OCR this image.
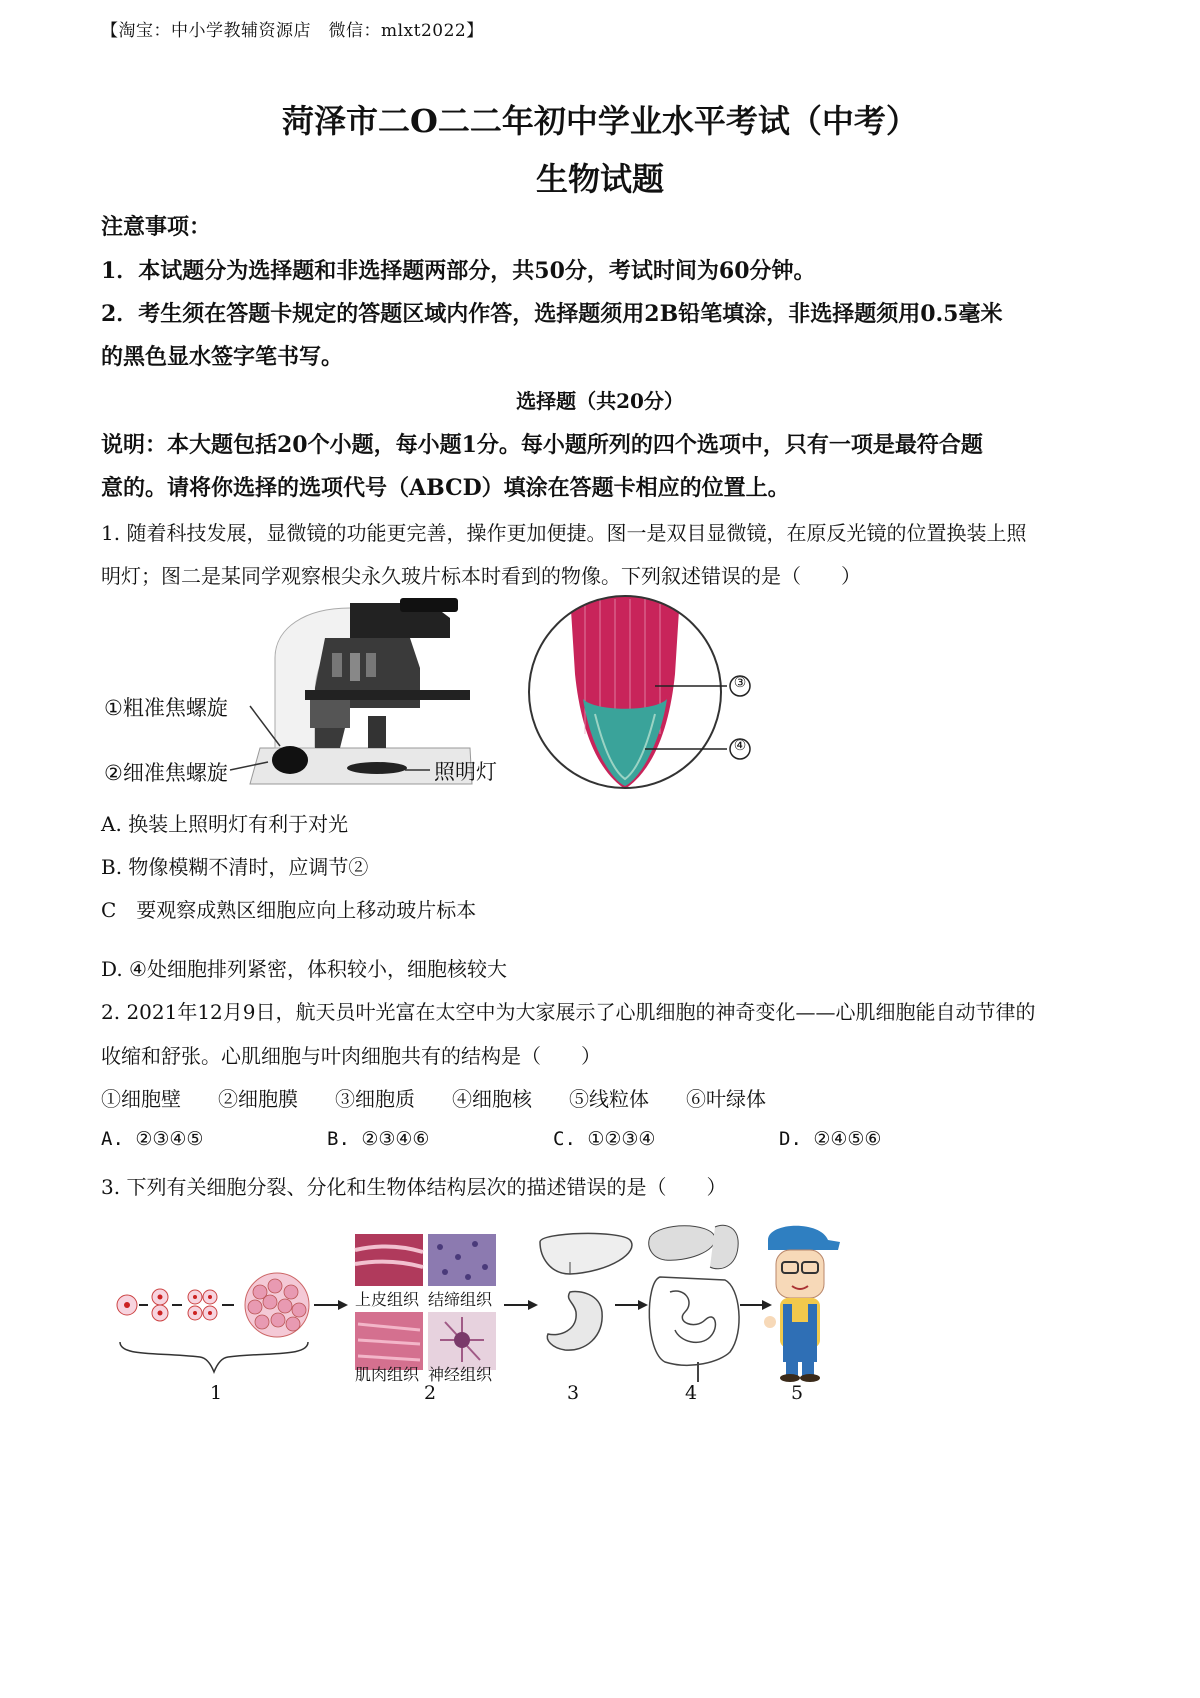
【淘宝：中小学教辅资源店　微信：mlxt2022】
菏泽市二O二二年初中学业水平考试（中考）
生物试题
注意事项：
1．本试题分为选择题和非选择题两部分，共50分，考试时间为60分钟。
2．考生须在答题卡规定的答题区域内作答，选择题须用2B铅笔填涂，非选择题须用0.5毫米
的黑色显水签字笔书写。
选择题（共20分）
说明：本大题包括20个小题，每小题1分。每小题所列的四个选项中，只有一项是最符合题
意的。请将你选择的选项代号（ABCD）填涂在答题卡相应的位置上。
1. 随着科技发展，显微镜的功能更完善，操作更加便捷。图一是双目显微镜，在原反光镜的位置换装上照
明灯；图二是某同学观察根尖永久玻片标本时看到的物像。下列叙述错误的是（　　）
①粗准焦螺旋
②细准焦螺旋	照明灯
③
④
A. 换装上照明灯有利于对光
B. 物像模糊不清时，应调节②
C　要观察成熟区细胞应向上移动玻片标本
D. ④处细胞排列紧密，体积较小，细胞核较大
2. 2021年12月9日，航天员叶光富在太空中为大家展示了心肌细胞的神奇变化——心肌细胞能自动节律的
收缩和舒张。心肌细胞与叶肉细胞共有的结构是（　　）
①细胞壁 ②细胞膜 ③细胞质 ④细胞核 ⑤线粒体 ⑥叶绿体
A. ②③④⑤	B. ②③④⑥	C. ①②③④	D. ②④⑤⑥
3. 下列有关细胞分裂、分化和生物体结构层次的描述错误的是（　　）
上皮组织 结缔组织
肌肉组织 神经组织
1	2	3	4	5
